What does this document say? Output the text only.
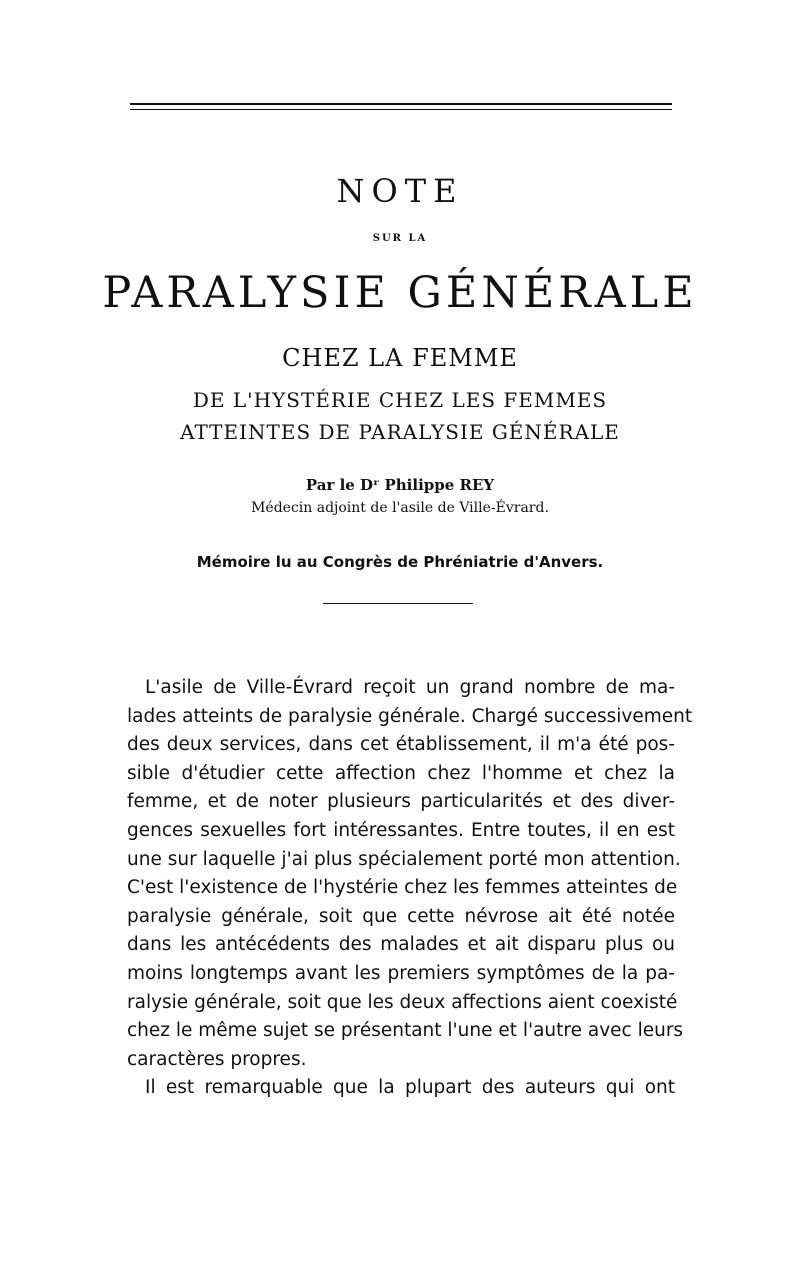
NOTE
SUR LA
PARALYSIE GÉNÉRALE
CHEZ LA FEMME
DE L'HYSTÉRIE CHEZ LES FEMMES
ATTEINTES DE PARALYSIE GÉNÉRALE
Par le Dʳ Philippe REY
Médecin adjoint de l'asile de Ville-Évrard.
Mémoire lu au Congrès de Phréniatrie d'Anvers.
L'asile de Ville-Évrard reçoit un grand nombre de ma-
lades atteints de paralysie générale. Chargé successivement
des deux services, dans cet établissement, il m'a été pos-
sible d'étudier cette affection chez l'homme et chez la
femme, et de noter plusieurs particularités et des diver-
gences sexuelles fort intéressantes. Entre toutes, il en est
une sur laquelle j'ai plus spécialement porté mon attention.
C'est l'existence de l'hystérie chez les femmes atteintes de
paralysie générale, soit que cette névrose ait été notée
dans les antécédents des malades et ait disparu plus ou
moins longtemps avant les premiers symptômes de la pa-
ralysie générale, soit que les deux affections aient coexisté
chez le même sujet se présentant l'une et l'autre avec leurs
caractères propres.
Il est remarquable que la plupart des auteurs qui ont
